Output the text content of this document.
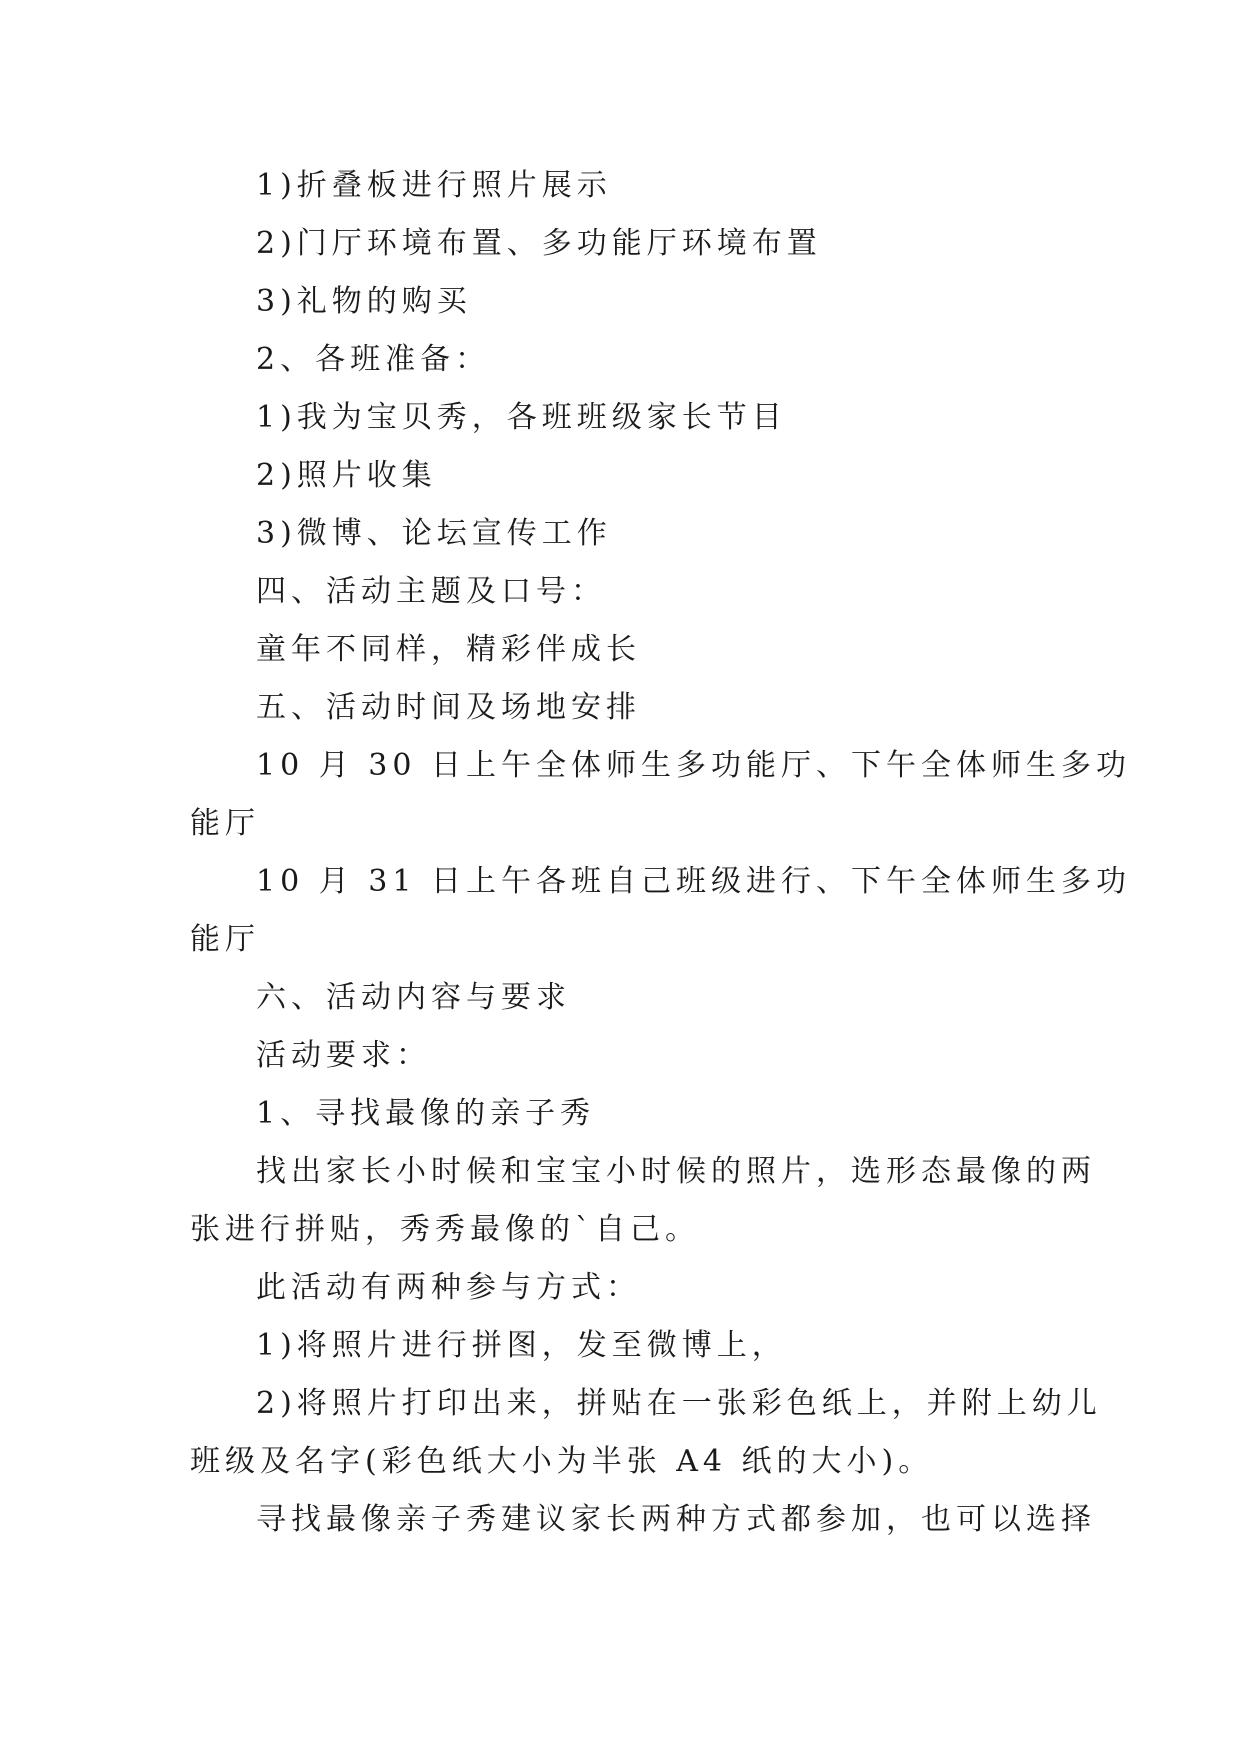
1)折叠板进行照片展示
2)门厅环境布置、多功能厅环境布置
3)礼物的购买
2、各班准备：
1)我为宝贝秀，各班班级家长节目
2)照片收集
3)微博、论坛宣传工作
四、活动主题及口号：
童年不同样，精彩伴成长
五、活动时间及场地安排
10 月 30 日上午全体师生多功能厅、下午全体师生多功
能厅
10 月 31 日上午各班自己班级进行、下午全体师生多功
能厅
六、活动内容与要求
活动要求：
1、寻找最像的亲子秀
找出家长小时候和宝宝小时候的照片，选形态最像的两
张进行拼贴，秀秀最像的`自己。
此活动有两种参与方式：
1)将照片进行拼图，发至微博上，
2)将照片打印出来，拼贴在一张彩色纸上，并附上幼儿
班级及名字(彩色纸大小为半张 A4 纸的大小)。
寻找最像亲子秀建议家长两种方式都参加，也可以选择
